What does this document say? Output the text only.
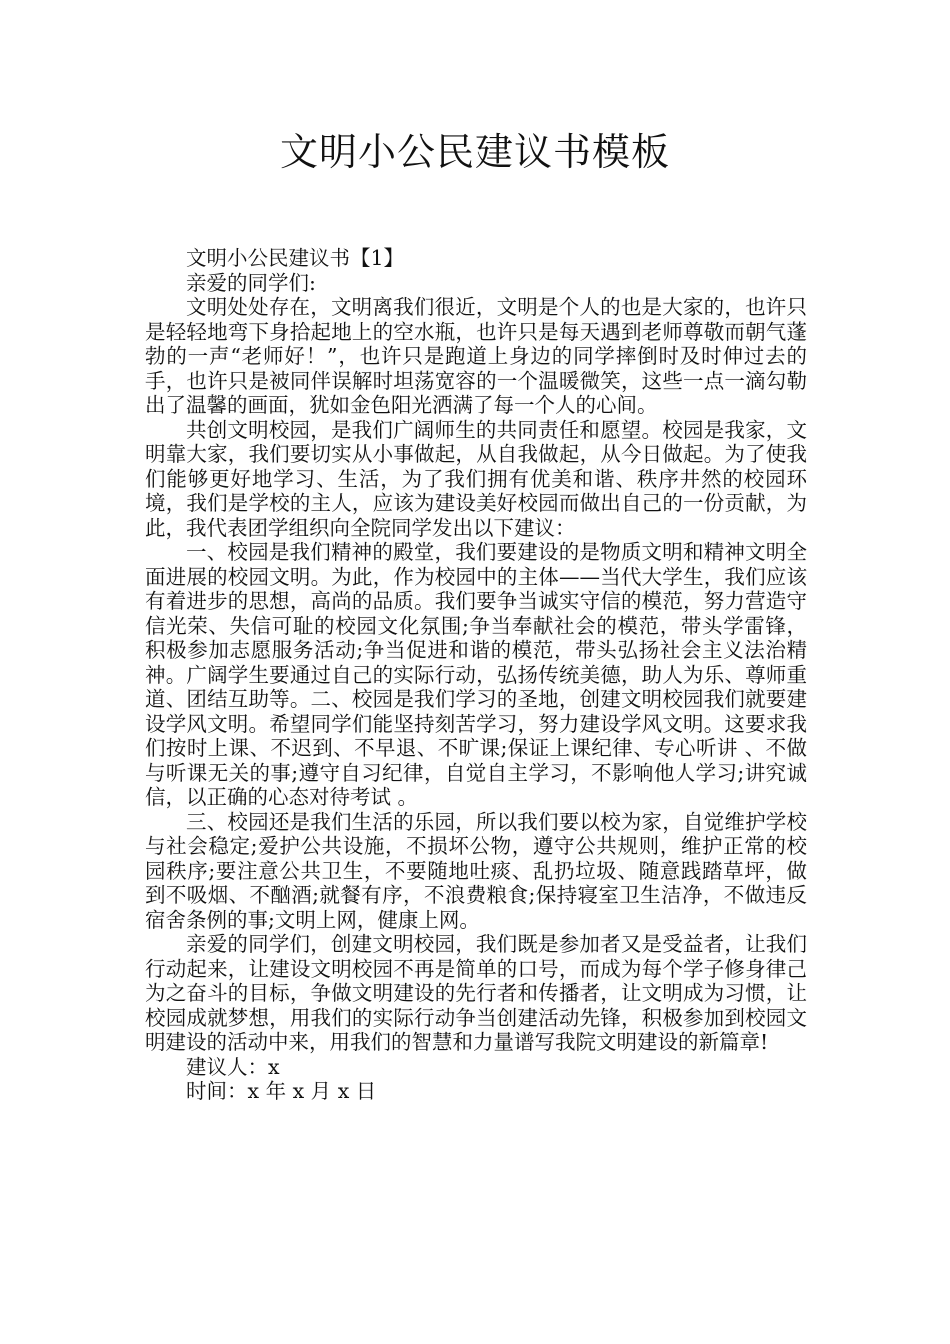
文明小公民建议书模板

文明小公民建议书【1】

亲爱的同学们:

文明处处存在，文明离我们很近，文明是个人的也是大家的，也许只是轻轻地弯下身拾起地上的空水瓶，也许只是每天遇到老师尊敬而朝气蓬勃的一声“老师好！”，也许只是跑道上身边的同学摔倒时及时伸过去的手，也许只是被同伴误解时坦荡宽容的一个温暖微笑，这些一点一滴勾勒出了温馨的画面，犹如金色阳光洒满了每一个人的心间。

共创文明校园，是我们广阔师生的共同责任和愿望。校园是我家，文明靠大家，我们要切实从小事做起，从自我做起，从今日做起。为了使我们能够更好地学习、生活，为了我们拥有优美和谐、秩序井然的校园环境，我们是学校的主人，应该为建设美好校园而做出自己的一份贡献，为此，我代表团学组织向全院同学发出以下建议：

一、校园是我们精神的殿堂，我们要建设的是物质文明和精神文明全面进展的校园文明。为此，作为校园中的主体——当代大学生，我们应该有着进步的思想，高尚的品质。我们要争当诚实守信的模范，努力营造守信光荣、失信可耻的校园文化氛围;争当奉献社会的模范，带头学雷锋，积极参加志愿服务活动;争当促进和谐的模范，带头弘扬社会主义法治精神。广阔学生要通过自己的实际行动，弘扬传统美德，助人为乐、尊师重道、团结互助等。二、校园是我们学习的圣地，创建文明校园我们就要建设学风文明。希望同学们能坚持刻苦学习，努力建设学风文明。这要求我们按时上课、不迟到、不早退、不旷课;保证上课纪律、专心听讲 、不做与听课无关的事;遵守自习纪律，自觉自主学习，不影响他人学习;讲究诚信，以正确的心态对待考试 。

三、校园还是我们生活的乐园，所以我们要以校为家，自觉维护学校与社会稳定;爱护公共设施，不损坏公物，遵守公共规则，维护正常的校园秩序;要注意公共卫生，不要随地吐痰、乱扔垃圾、随意践踏草坪，做到不吸烟、不酗酒;就餐有序，不浪费粮食;保持寝室卫生洁净，不做违反宿舍条例的事;文明上网，健康上网。

亲爱的同学们，创建文明校园，我们既是参加者又是受益者，让我们行动起来，让建设文明校园不再是简单的口号，而成为每个学子修身律己为之奋斗的目标，争做文明建设的先行者和传播者，让文明成为习惯，让校园成就梦想，用我们的实际行动争当创建活动先锋，积极参加到校园文明建设的活动中来，用我们的智慧和力量谱写我院文明建设的新篇章!

建议人：x

时间：x 年 x 月 x 日
